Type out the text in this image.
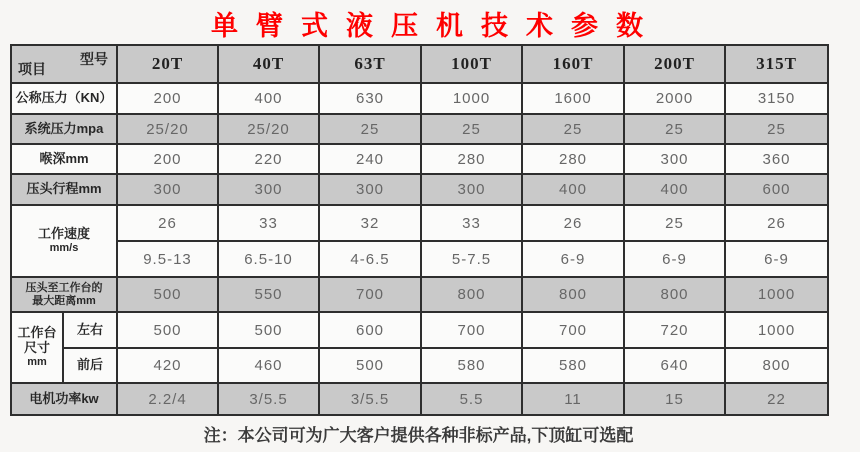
单臂式液压机技术参数
型号
项目		20T	40T	63T	100T	160T	200T	315T
公称压力（KN）		200	400	630	1000	1600	2000	3150
系统压力mpa		25/20	25/20	25	25	25	25	25
喉深mm		200	220	240	280	280	300	360
压头行程mm		300	300	300	300	400	400	600

工作速度
mm/s		26	33	32	33	26	25	26
		9.5-13	6.5-10	4-6.5	5-7.5	6-9	6-9	6-9

压头至工作台的
最大距离mm		500	550	700	800	800	800	1000

工作台
尺寸
mm	左右	500	500	600	700	700	720	1000
	前后	420	460	500	580	580	640	800
电机功率kw		2.2/4	3/5.5	3/5.5	5.5	11	15	22
注：本公司可为广大客户提供各种非标产品,下顶缸可选配
